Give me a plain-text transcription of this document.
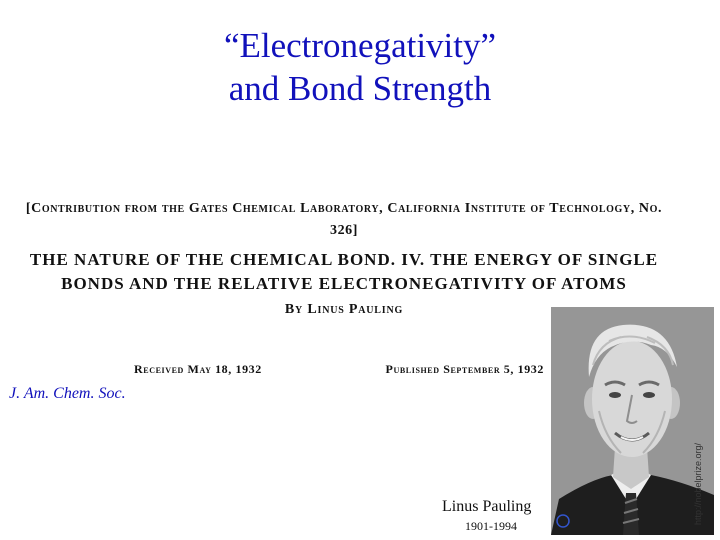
“Electronegativity”
and Bond Strength
[Contribution from the Gates Chemical Laboratory, California Institute of Technology, No. 326]
THE NATURE OF THE CHEMICAL BOND. IV. THE ENERGY OF SINGLE BONDS AND THE RELATIVE ELECTRONEGATIVITY OF ATOMS
By Linus Pauling
Received May 18, 1932	Published September 5, 1932
J. Am. Chem. Soc.
http://nobelprize.org/
Linus Pauling
1901-1994
